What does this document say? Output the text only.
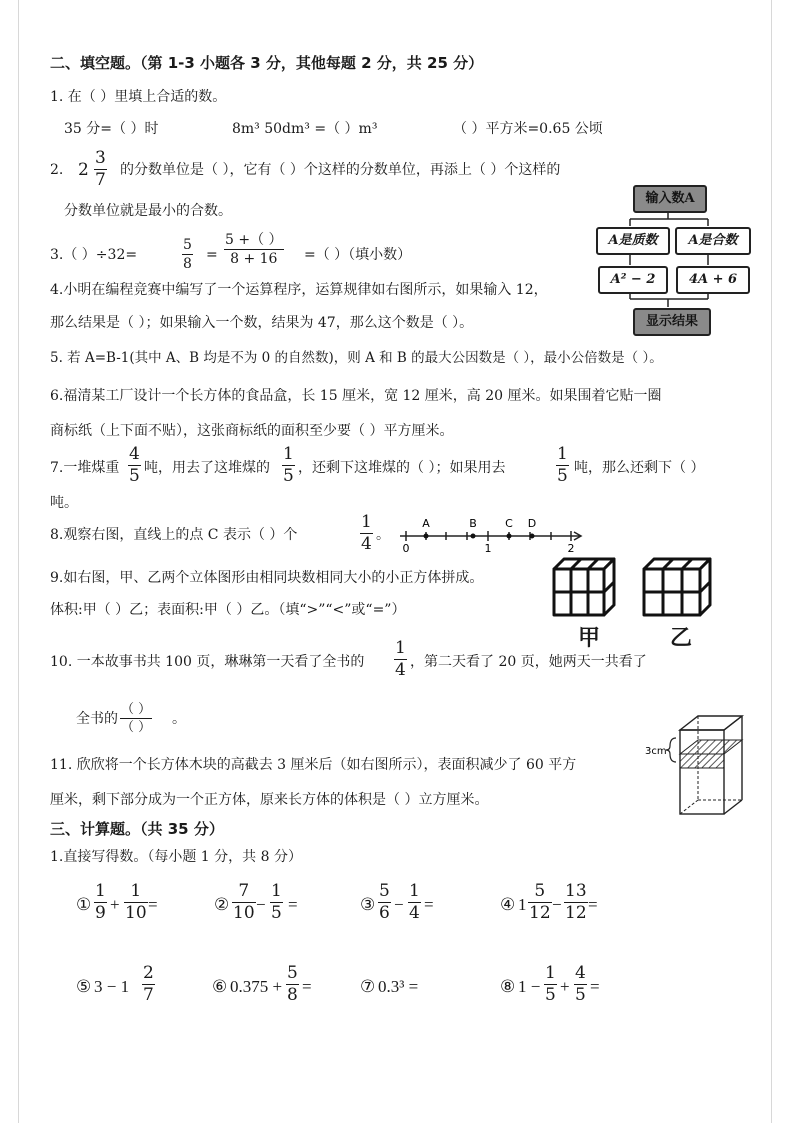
二、填空题。（第 1-3 小题各 3 分，其他每题 2 分，共 25 分）
1. 在（ ）里填上合适的数。
35 分=（ ）时	8m³ 50dm³ =（ ）m³	（ ）平方米=0.65 公顷
2. 2
3
7 的分数单位是（ ），它有（ ）个这样的分数单位，再添上（ ）个这样的
分数单位就是最小的合数。
3.（ ）÷32=
5
8
=
5 +（ ）
8 + 16	=（ ）（填小数）
输入数A
A是质数	A是合数
A² − 2	4A + 6
显示结果
4.小明在编程竞赛中编写了一个运算程序，运算规律如右图所示，如果输入 12，
那么结果是（ ）；如果输入一个数，结果为 47，那么这个数是（ ）。
5. 若 A=B-1(其中 A、B 均是不为 0 的自然数)，则 A 和 B 的最大公因数是（ ），最小公倍数是（ ）。
6.福清某工厂设计一个长方体的食品盒，长 15 厘米，宽 12 厘米，高 20 厘米。如果围着它贴一圈
商标纸（上下面不贴），这张商标纸的面积至少要（ ）平方厘米。
7.一堆煤重
4
5 吨，用去了这堆煤的
1
5 ，还剩下这堆煤的（ ）；如果用去
1
5 吨，那么还剩下（ ）
吨。
8.观察右图，直线上的点 C 表示（ ）个
1
4 。
A	B	C D
0	1	2
9.如右图，甲、乙两个立体图形由相同块数相同大小的小正方体拼成。
体积:甲（ ）乙；表面积:甲（ ）乙。（填“>”“<”或“=”）
甲	乙
10. 一本故事书共 100 页，琳琳第一天看了全书的
1
4 ，第二天看了 20 页，她两天一共看了
全书的
（ ）
（ ）
。
3cm
11. 欣欣将一个长方体木块的高截去 3 厘米后（如右图所示），表面积减少了 60 平方
厘米，剩下部分成为一个正方体，原来长方体的体积是（ ）立方厘米。
三、计算题。（共 35 分）
1.直接写得数。（每小题 1 分，共 8 分）
①
1
9 +
1
10 =	②
7
10 −
1
5 =	③
5
6 −
1
4 =	④ 1
5
12 −
13
12 =
⑤ 3 − 1
2
7	⑥ 0.375 +
5
8 =	⑦ 0.3³ =	⑧ 1 −
1
5 +
4
5 =
